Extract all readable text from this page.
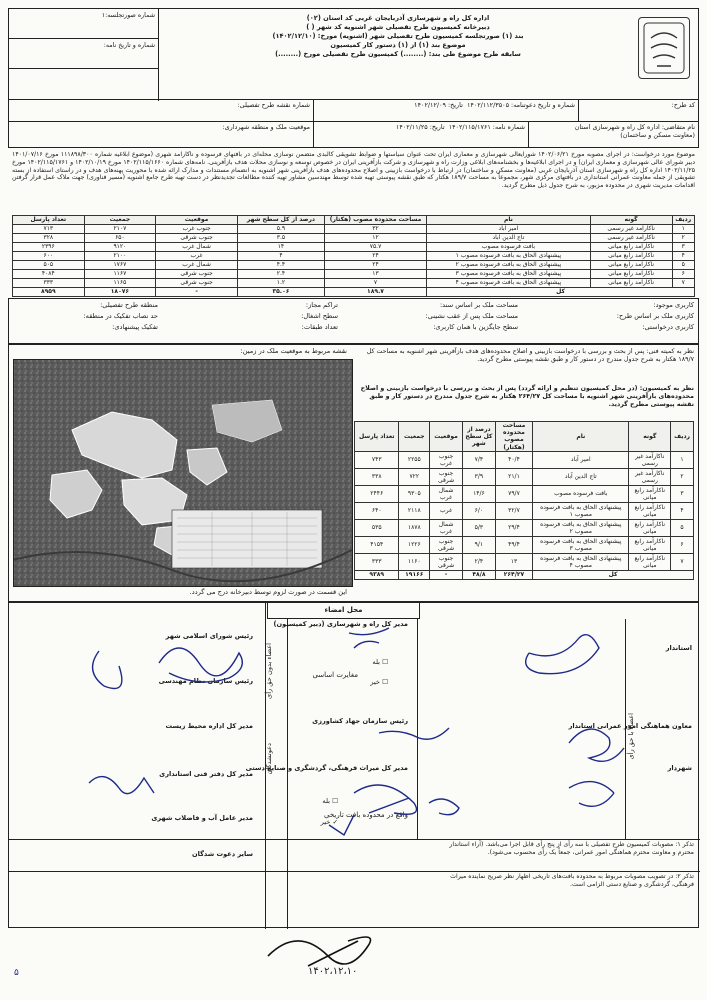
اداره کل راه و شهرسازی آذربایجان غربی کد استان (۰۲)
دبیرخانه کمیسیون طرح تفصیلی شهر اشنویه کد شهر ( )
بند (۱) صورتجلسه کمیسیون طرح تفصیلی شهر (اشنویه) مورخ: (۱۴۰۲/۱۲/۱۰)
موضوع بند (۱) از (۱) دستور کار کمیسیون
سابقه طرح موضوع طی بند: (........) کمیسیون طرح تفصیلی مورخ (........)
شماره صورتجلسه:۱
شماره و تاریخ نامه:
کد طرح:
شماره و تاریخ دعوتنامه: ۱۴۰۲/۱۱۲/۳۵۰۵  تاریخ: ۱۴۰۲/۱۲/۰۹
شماره نقشه طرح تفصیلی:
نام متقاضی: اداره کل راه و شهرسازی استان
(معاونت مسکن و ساختمان)
شماره نامه: ۱۴۰۲/۱۱۵/۱۷۶۱  تاریخ: ۱۴۰۲/۱۱/۲۵
موقعیت ملک و منطقه شهرداری:
موضوع مورد درخواست: در اجرای مصوبه مورخ ۱۴۰۲/۰۶/۲۱ شورایعالی شهرسازی و معماری ایران تحت عنوان سیاستها و ضوابط تشویقی کالبدی متضمن نوسازی محله‌ای در بافتهای فرسوده و ناکارآمد شهری (موضوع ابلاغیه شماره ۱۱۱۸۹۸/۳۰۰ مورخ ۱۴۰۱/۰۷/۱۶ دبیر شورای عالی شهرسازی و معماری ایران) و در اجرای ابلاغیه‌ها و بخشنامه‌های ابلاغی وزارت راه و شهرسازی و شرکت بازآفرینی ایران در خصوص توسعه و نوسازی محلات هدف بازآفرینی. نامه‌های شماره ۱۴۰۲/۱۱۵/۱۶۶۰ مورخ ۱۴۰۲/۱۰/۱۹ و ۱۴۰۲/۱۱۵/۱۷۶۱ مورخ ۱۴۰۲/۱۱/۲۵ اداره کل راه و شهرسازی استان آذربایجان غربی (معاونت مسکن و ساختمان) در ارتباط با درخواست بازبینی و اصلاح محدوده‌های هدف بازآفرینی شهر اشنویه به انضمام مستندات و مدارک ارائه شده با محوریت پهنه‌های هدف و در راستای استفاده از بسته تشویقی از جمله معاونت عمرانی استانداری در بافتهای مرکزی شهر، مجموعاً به مساحت ۱۸۹/۷ هکتار که طبق نقشه پیوستی تهیه شده توسط مهندسین مشاور تهیه کننده مطالعات تجدیدنظر در دست تهیه طرح جامع اشنویه (مسیر فناوری) جهت ملاک عمل قرار گرفتن اقدامات مدیریت شهری در محدوده مزبور، به شرح جدول ذیل مطرح گردید.
ردیف	گونه	نام	مساحت محدوده مصوب (هکتار)	درصد از کل سطح شهر	موقعیت	جمعیت	تعداد پارسل
۱	ناکارآمد غیر رسمی	امیر آباد	۳۲	۵.۹	جنوب غرب	۲۱۰۷	۷۱۳
۲	ناکارآمد غیر رسمی	تاج الدین آباد	۱۲	۳.۵	جنوب شرقی	۶۵۰	۳۲۸
۳	ناکارآمد رابع میانی	بافت فرسوده مصوب	۷۵.۷	۱۴	شمال غرب	۹۱۲۰	۲۳۹۶
۴	ناکارآمد رابع میانی	پیشنهادی الحاق به بافت فرسوده مصوب ۱	۲۴	۴	غرب	۲۱۰۰	۶۰۰
۵	ناکارآمد رابع میانی	پیشنهادی الحاق به بافت فرسوده مصوب ۲	۲۴	۴.۴	شمال غرب	۱۷۶۷	۵۰۵
۶	ناکارآمد رابع میانی	پیشنهادی الحاق به بافت فرسوده مصوب ۳	۱۳	۲.۴	جنوب شرقی	۱۱۶۷	۴۰۸۴
۷	ناکارآمد رابع میانی	پیشنهادی الحاق به بافت فرسوده مصوب ۴	۷	۱.۲	جنوب شرقی	۱۱۶۵	۳۳۳
کل			۱۸۹.۷	۳۵.۰۶	-	۱۸۰۷۶	۸۹۵۹
کاربری موجود:
کاربری ملک بر اساس طرح:
کاربری درخواستی:
مساحت ملک بر اساس سند:
مساحت ملک پس از عقب نشینی:
سطح جایگزین با همان کاربری:
تراکم مجاز:
سطح اشغال:
تعداد طبقات:
منطقه طرح تفصیلی:
حد نصاب تفکیک در منطقه:
تفکیک پیشنهادی:
نظر به کمیته فنی: پس از بحث و بررسی با درخواست بازبینی و اصلاح محدوده‌های هدف بازآفرینی شهر اشنویه به مساحت کل ۱۸۹/۷ هکتار به شرح جدول مندرج در دستور کار و طبق نقشه پیوستی مطرح گردید.
نظر به کمیسیون: (در محل کمیسیون تنظیم و ارائه گردد) پس از بحث و بررسی با درخواست بازبینی و اصلاح محدوده‌های بازآفرینی شهر اشنویه با مساحت کل ۲۶۴/۲۷ هکتار به شرح جدول مندرج در دستور کار و طبق نقشه پیوستی مطرح گردید.
ردیف	گونه	نام	مساحت محدوده مصوب (هکتار)	درصد از کل سطح شهر	موقعیت	جمعیت	تعداد پارسل
۱	ناکارآمد غیر رسمی	امیر آباد	۴۰/۴	۷/۴	جنوب غرب	۲۲۵۵	۷۴۳
۲	ناکارآمد غیر رسمی	تاج الدین آباد	۲۱/۱	۳/۹	جنوب شرقی	۷۲۲	۳۳۸
۳	ناکارآمد رابع میانی	بافت فرسوده مصوب	۷۹/۷	۱۴/۶	شمال غرب	۹۳۰۵	۲۴۴۶
۴	ناکارآمد رابع میانی	پیشنهادی الحاق به بافت فرسوده مصوب ۱	۳۲/۷	۶/۰	غرب	۲۱۱۸	۶۴۰
۵	ناکارآمد رابع میانی	پیشنهادی الحاق به بافت فرسوده مصوب ۲	۲۹/۴	۵/۳	شمال غرب	۱۸۷۸	۵۳۵
۶	ناکارآمد رابع میانی	پیشنهادی الحاق به بافت فرسوده مصوب ۳	۴۹/۴	۹/۱	جنوب شرقی	۱۲۲۶	۴۱۵۴
۷	ناکارآمد رابع میانی	پیشنهادی الحاق به بافت فرسوده مصوب ۴	۱۳	۲/۴	جنوب شرقی	۱۱۶۰	۳۳۳
کل			۲۶۴/۲۷	۴۸/۸	-	۱۹۱۶۶	۹۳۸۹
نقشه مربوط به موقعیت ملک در زمین:
این قسمت در صورت لزوم توسط دبیرخانه درج می گردد.
محل امضاء
اعضاء با حق رأی
اعضاء بدون حق رأی
دعوتشدگان
استاندار
معاون هماهنگی امور عمرانی استاندار
شهردار
مدیر کل راه و شهرسازی (دبیر کمیسیون)
☐ بله
☐ خیر
مغایرت اساسی
رئیس سازمان جهاد کشاورزی
مدیر کل میراث فرهنگی، گردشگری و صنایع دستی
☐ بله
✓ خیر
واقع در محدوده بافت تاریخی
رئیس شورای اسلامی شهر
رئیس سازمان نظام مهندسی
مدیر کل اداره محیط زیست
مدیر کل دفتر فنی استانداری
مدیر عامل آب و فاضلاب شهری
سایر دعوت شدگان
تذکر ۱: مصوبات کمیسیون طرح تفصیلی با سه رأی از پنج رأی قابل اجرا می‌باشد. (آراء استاندار محترم و معاونت محترم هماهنگی امور عمرانی، جمعاً یک رأی محسوب می‌شود).
تذکر ۲: در تصویب مصوبات مربوط به محدوده بافت‌های تاریخی اظهار نظر صریح نماینده میراث فرهنگی، گردشگری و صنایع دستی الزامی است.
۱۴۰۲،۱۲،۱۰
۵
